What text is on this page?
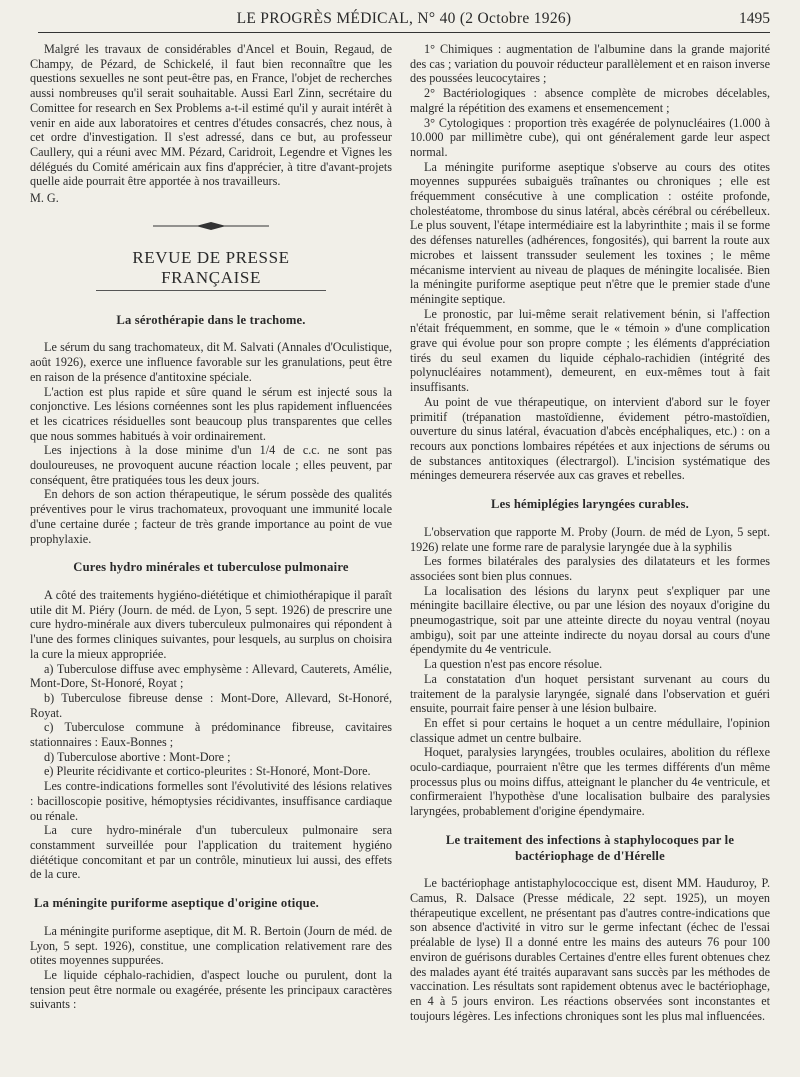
LE PROGRÈS MÉDICAL, N° 40 (2 Octobre 1926)	1495

Malgré les travaux de considérables d'Ancel et Bouin, Regaud, de Champy, de Pézard, de Schickelé, il faut bien reconnaître que les questions sexuelles ne sont peut-être pas, en France, l'objet de recherches aussi nombreuses qu'il serait souhaitable. Aussi Earl Zinn, secrétaire du Comittee for research en Sex Problems a-t-il estimé qu'il y aurait intérêt à venir en aide aux laboratoires et centres d'études consacrés, chez nous, à cet ordre d'investigation. Il s'est adressé, dans ce but, au professeur Caullery, qui a réuni avec MM. Pézard, Caridroit, Legendre et Vignes les délégués du Comité américain aux fins d'apprécier, à titre d'avant-projets quelle aide pourrait être apportée à nos travailleurs.

M. G.

REVUE DE PRESSE FRANÇAISE
La sérothérapie dans le trachome.

Le sérum du sang trachomateux, dit M. Salvati (Annales d'Oculistique, août 1926), exerce une influence favorable sur les granulations, peut être en raison de la présence d'antitoxine spéciale.

L'action est plus rapide et sûre quand le sérum est injecté sous la conjonctive. Les lésions cornéennes sont les plus rapidement influencées et les cicatrices résiduelles sont beaucoup plus transparentes que celles que nous sommes habitués à voir ordinairement.

Les injections à la dose minime d'un 1/4 de c.c. ne sont pas douloureuses, ne provoquent aucune réaction locale ; elles peuvent, par conséquent, être pratiquées tous les deux jours.

En dehors de son action thérapeutique, le sérum possède des qualités préventives pour le virus trachomateux, provoquant une immunité locale d'une certaine durée ; facteur de très grande importance au point de vue prophylaxie.

Cures hydro minérales et tuberculose pulmonaire

A côté des traitements hygiéno-diététique et chimiothérapique il paraît utile dit M. Piéry (Journ. de méd. de Lyon, 5 sept. 1926) de prescrire une cure hydro-minérale aux divers tuberculeux pulmonaires qui répondent à l'une des formes cliniques suivantes, pour lesquels, au surplus on choisira la cure la mieux appropriée.

a) Tuberculose diffuse avec emphysème : Allevard, Cauterets, Amélie, Mont-Dore, St-Honoré, Royat ;

b) Tuberculose fibreuse dense : Mont-Dore, Allevard, St-Honoré, Royat.

c) Tuberculose commune à prédominance fibreuse, cavitaires stationnaires : Eaux-Bonnes ;

d) Tuberculose abortive : Mont-Dore ;

e) Pleurite récidivante et cortico-pleurites : St-Honoré, Mont-Dore.

Les contre-indications formelles sont l'évolutivité des lésions relatives : bacilloscopie positive, hémoptysies récidivantes, insuffisance cardiaque ou rénale.

La cure hydro-minérale d'un tuberculeux pulmonaire sera constamment surveillée pour l'application du traitement hygiéno diététique concomitant et par un contrôle, minutieux lui aussi, des effets de la cure.

La méningite puriforme aseptique d'origine otique.

La méningite puriforme aseptique, dit M. R. Bertoin (Journ de méd. de Lyon, 5 sept. 1926), constitue, une complication relativement rare des otites moyennes suppurées.

Le liquide céphalo-rachidien, d'aspect louche ou purulent, dont la tension peut être normale ou exagérée, présente les principaux caractères suivants :

1° Chimiques : augmentation de l'albumine dans la grande majorité des cas ; variation du pouvoir réducteur parallèlement et en raison inverse des poussées leucocytaires ;

2° Bactériologiques : absence complète de microbes décelables, malgré la répétition des examens et ensemencement ;

3° Cytologiques : proportion très exagérée de polynucléaires (1.000 à 10.000 par millimètre cube), qui ont généralement garde leur aspect normal.

La méningite puriforme aseptique s'observe au cours des otites moyennes suppurées subaiguës traînantes ou chroniques ; elle est fréquemment consécutive à une complication : ostéite profonde, cholestéatome, thrombose du sinus latéral, abcès cérébral ou cérébelleux. Le plus souvent, l'étape intermédiaire est la labyrinthite ; mais il se forme des défenses naturelles (adhérences, fongosités), qui barrent la route aux microbes et laissent transsuder seulement les toxines ; le même mécanisme intervient au niveau de plaques de méningite localisée. Bien la méningite puriforme aseptique peut n'être que le premier stade d'une méningite septique.

Le pronostic, par lui-même serait relativement bénin, si l'affection n'était fréquemment, en somme, que le « témoin » d'une complication grave qui évolue pour son propre compte ; les éléments d'appréciation tirés du seul examen du liquide céphalo-rachidien (intégrité des polynucléaires notamment), demeurent, en eux-mêmes tout à fait insuffisants.

Au point de vue thérapeutique, on intervient d'abord sur le foyer primitif (trépanation mastoïdienne, évidement pétro-mastoïdien, ouverture du sinus latéral, évacuation d'abcès encéphaliques, etc.) : on a recours aux ponctions lombaires répétées et aux injections de sérums ou de substances antitoxiques (électrargol). L'incision systématique des méninges demeurera réservée aux cas graves et rebelles.

Les hémiplégies laryngées curables.

L'observation que rapporte M. Proby (Journ. de méd de Lyon, 5 sept. 1926) relate une forme rare de paralysie laryngée due à la syphilis

Les formes bilatérales des paralysies des dilatateurs et les formes associées sont bien plus connues.

La localisation des lésions du larynx peut s'expliquer par une méningite bacillaire élective, ou par une lésion des noyaux d'origine du pneumogastrique, soit par une atteinte directe du noyau ventral (noyau ambigu), soit par une atteinte indirecte du noyau dorsal au cours d'une épendymite du 4e ventricule.

La question n'est pas encore résolue.

La constatation d'un hoquet persistant survenant au cours du traitement de la paralysie laryngée, signalé dans l'observation et guéri ensuite, pourrait faire penser à une lésion bulbaire.

En effet si pour certains le hoquet a un centre médullaire, l'opinion classique admet un centre bulbaire.

Hoquet, paralysies laryngées, troubles oculaires, abolition du réflexe oculo-cardiaque, pourraient n'être que les termes différents d'un même processus plus ou moins diffus, atteignant le plancher du 4e ventricule, et confirmeraient l'hypothèse d'une localisation bulbaire des paralysies laryngées, probablement d'origine épendymaire.

Le traitement des infections à staphylocoques par le bactériophage de d'Hérelle

Le bactériophage antistaphylococcique est, disent MM. Hauduroy, P. Camus, R. Dalsace (Presse médicale, 22 sept. 1925), un moyen thérapeutique excellent, ne présentant pas d'autres contre-indications que son absence d'activité in vitro sur le germe infectant (échec de l'essai préalable de lyse) Il a donné entre les mains des auteurs 76 pour 100 environ de guérisons durables Certaines d'entre elles furent obtenues chez des malades ayant été traités auparavant sans succès par les méthodes de vaccination. Les résultats sont rapidement obtenus avec le bactériophage, en 4 à 5 jours environ. Les réactions observées sont inconstantes et toujours légères. Les infections chroniques sont les plus mal influencées.
